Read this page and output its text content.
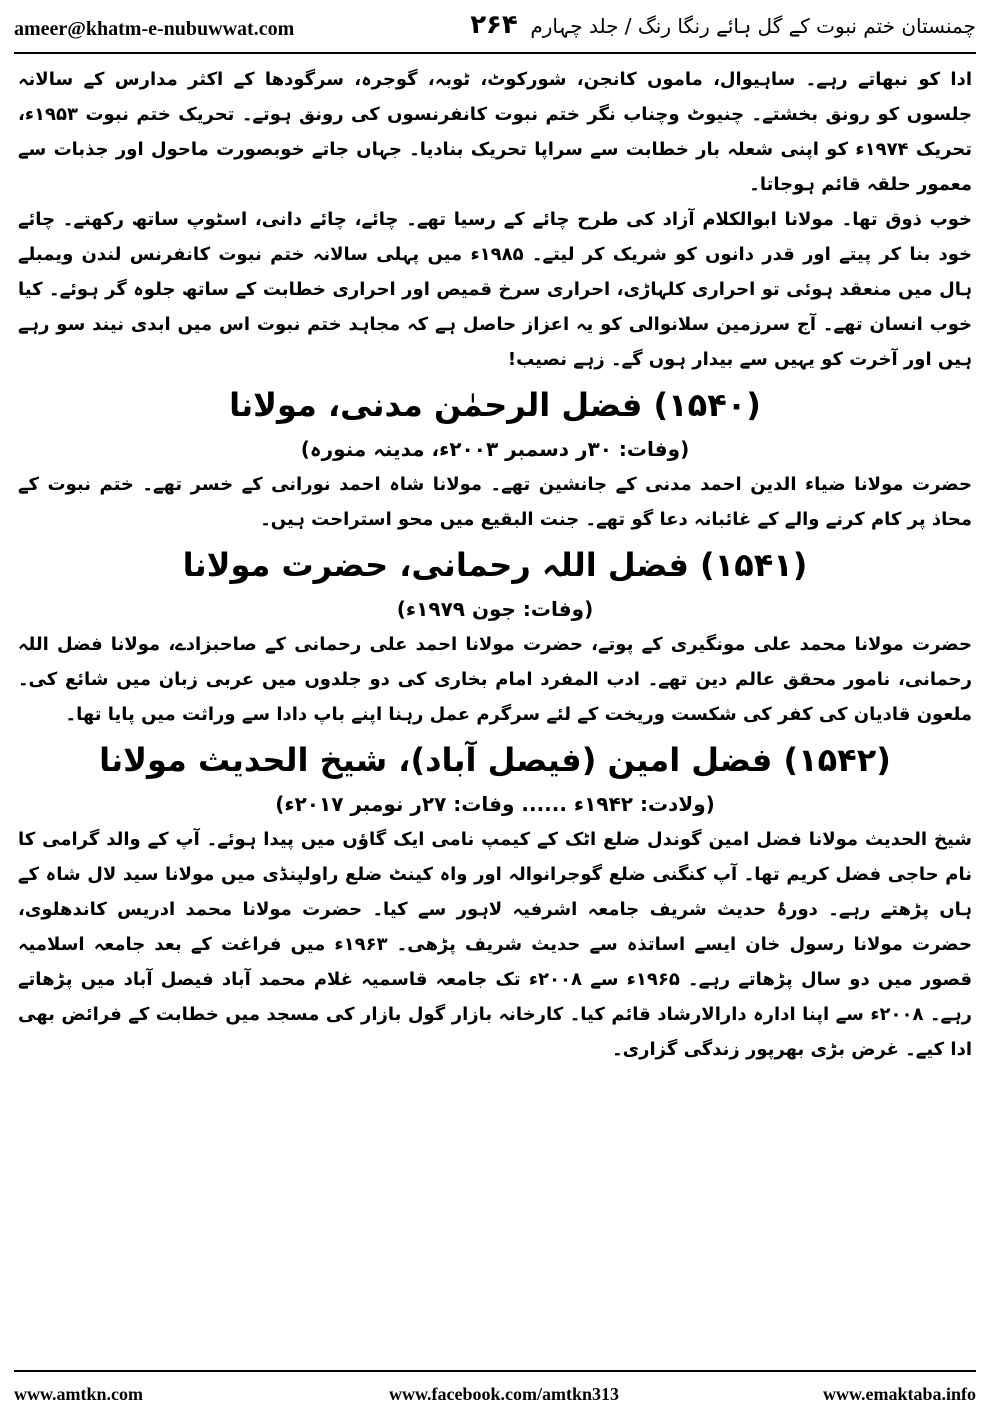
ameer@khatm-e-nubuwwat.com	۲۶۴ چمنستان ختم نبوت کے گل ہائے رنگا رنگ / جلد چہارم

ادا کو نبھاتے رہے۔ ساہیوال، ماموں کانجن، شورکوٹ، ٹوبہ، گوجرہ، سرگودھا کے اکثر مدارس کے سالانہ جلسوں کو رونق بخشتے۔ چنیوٹ وچناب نگر ختم نبوت کانفرنسوں کی رونق ہوتے۔ تحریک ختم نبوت ۱۹۵۳ء، تحریک ۱۹۷۴ء کو اپنی شعلہ بار خطابت سے سراپا تحریک بنادیا۔ جہاں جاتے خوبصورت ماحول اور جذبات سے معمور حلقہ قائم ہوجاتا۔

خوب ذوق تھا۔ مولانا ابوالکلام آزاد کی طرح چائے کے رسیا تھے۔ چائے، چائے دانی، اسٹوپ ساتھ رکھتے۔ چائے خود بنا کر پیتے اور قدر دانوں کو شریک کر لیتے۔ ۱۹۸۵ء میں پہلی سالانہ ختم نبوت کانفرنس لندن ویمبلے ہال میں منعقد ہوئی تو احراری کلہاڑی، احراری سرخ قمیص اور احراری خطابت کے ساتھ جلوہ گر ہوئے۔ کیا خوب انسان تھے۔ آج سرزمین سلانوالی کو یہ اعزاز حاصل ہے کہ مجاہد ختم نبوت اس میں ابدی نیند سو رہے ہیں اور آخرت کو یہیں سے بیدار ہوں گے۔ زہے نصیب!

(۱۵۴۰) فضل الرحمٰن مدنی، مولانا
(وفات: ۳۰ر دسمبر ۲۰۰۳ء، مدینہ منورہ)

حضرت مولانا ضیاء الدین احمد مدنی کے جانشین تھے۔ مولانا شاہ احمد نورانی کے خسر تھے۔ ختم نبوت کے محاذ پر کام کرنے والے کے غائبانہ دعا گو تھے۔ جنت البقیع میں محو استراحت ہیں۔

(۱۵۴۱) فضل اللہ رحمانی، حضرت مولانا
(وفات: جون ۱۹۷۹ء)

حضرت مولانا محمد علی مونگیری کے پوتے، حضرت مولانا احمد علی رحمانی کے صاحبزادے، مولانا فضل اللہ رحمانی، نامور محقق عالم دین تھے۔ ادب المفرد امام بخاری کی دو جلدوں میں عربی زبان میں شائع کی۔ ملعون قادیان کی کفر کی شکست وریخت کے لئے سرگرم عمل رہنا اپنے باپ دادا سے وراثت میں پایا تھا۔

(۱۵۴۲) فضل امین (فیصل آباد)، شیخ الحدیث مولانا
(ولادت: ۱۹۴۲ء ...... وفات: ۲۷ر نومبر ۲۰۱۷ء)

شیخ الحدیث مولانا فضل امین گوندل ضلع اٹک کے کیمپ نامی ایک گاؤں میں پیدا ہوئے۔ آپ کے والد گرامی کا نام حاجی فضل کریم تھا۔ آپ کنگنی ضلع گوجرانوالہ اور واہ کینٹ ضلع راولپنڈی میں مولانا سید لال شاہ کے ہاں پڑھتے رہے۔ دورۂ حدیث شریف جامعہ اشرفیہ لاہور سے کیا۔ حضرت مولانا محمد ادریس کاندھلوی، حضرت مولانا رسول خان ایسے اساتذہ سے حدیث شریف پڑھی۔ ۱۹۶۳ء میں فراغت کے بعد جامعہ اسلامیہ قصور میں دو سال پڑھاتے رہے۔ ۱۹۶۵ء سے ۲۰۰۸ء تک جامعہ قاسمیہ غلام محمد آباد فیصل آباد میں پڑھاتے رہے۔ ۲۰۰۸ء سے اپنا ادارہ دارالارشاد قائم کیا۔ کارخانہ بازار گول بازار کی مسجد میں خطابت کے فرائض بھی ادا کیے۔ غرض بڑی بھرپور زندگی گزاری۔

www.amtkn.com	www.facebook.com/amtkn313	www.emaktaba.info
